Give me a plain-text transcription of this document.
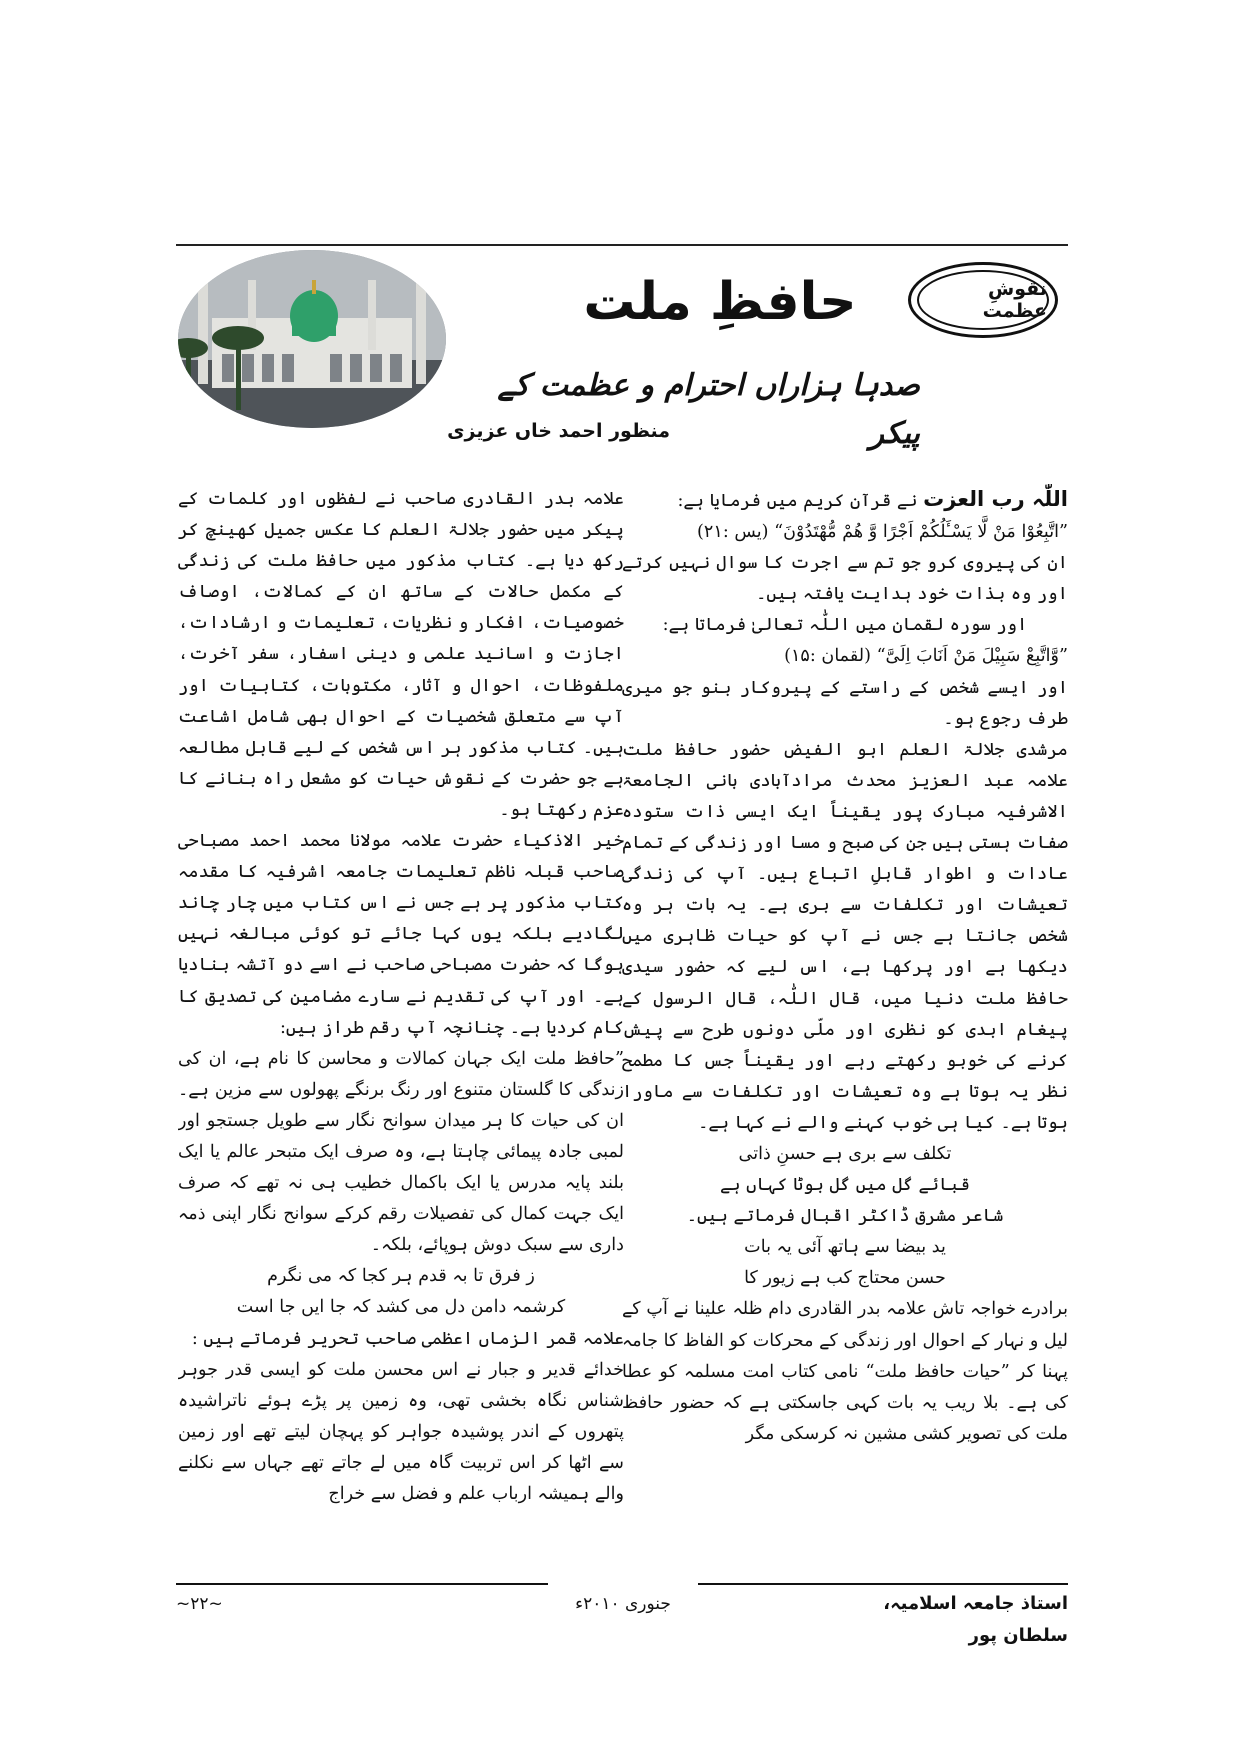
نقوشِ عظمت
حافظِ ملت
صدہا ہزاراں احترام و عظمت کے پیکر
منظور احمد خاں عزیزی

اللّٰہ رب العزت نے قرآن کریم میں فرمایا ہے:

”اتَّبِعُوْا مَنْ لَّا یَسْـَٔلُكُمْ اَجْرًا وَّ هُمْ مُّهْتَدُوْنَ“ (یس :۲۱)

ان کی پیروی کرو جو تم سے اجرت کا سوال نہیں کرتے اور وہ بذات خود ہدایت یافتہ ہیں۔

اور سورہ لقمان میں اللّٰہ تعالیٰ فرماتا ہے:

”وَّاتَّبِعْ سَبِیْلَ مَنْ اَنَابَ اِلَیَّ“ (لقمان :۱۵)

اور ایسے شخص کے راستے کے پیروکار بنو جو میری طرف رجوع ہو۔

مرشدی جلالۃ العلم ابو الفیض حضور حافظ ملت علامہ عبد العزیز محدث مرادآبادی بانی الجامعۃ الاشرفیہ مبارک پور یقیناً ایک ایسی ذات ستودہ صفات ہستی ہیں جن کی صبح و مسا اور زندگی کے تمام عادات و اطوار قابلِ اتباع ہیں۔ آپ کی زندگی تعیشات اور تکلفات سے بری ہے۔ یہ بات ہر وہ شخص جانتا ہے جس نے آپ کو حیات ظاہری میں دیکھا ہے اور پرکھا ہے، اس لیے کہ حضور سیدی حافظ ملت دنیا میں، قال اللّٰہ، قال الرسول کے پیغام ابدی کو نظری اور ملّی دونوں طرح سے پیش کرنے کی خوبو رکھتے رہے اور یقیناً جس کا مطمح نظر یہ ہوتا ہے وہ تعیشات اور تکلفات سے ماورا ہوتا ہے۔ کیا ہی خوب کہنے والے نے کہا ہے۔

تکلف سے بری ہے حسنِ ذاتی

قبائے گل میں گل بوٹا کہاں ہے

شاعر مشرق ڈاکٹر اقبال فرماتے ہیں۔

ید بیضا سے ہاتھ آئی یہ بات

حسن محتاج کب ہے زیور کا

برادرے خواجہ تاش علامہ بدر القادری دام ظلہ علینا نے آپ کے لیل و نہار کے احوال اور زندگی کے محرکات کو الفاظ کا جامہ پہنا کر ”حیات حافظ ملت“ نامی کتاب امت مسلمہ کو عطا کی ہے۔ بلا ریب یہ بات کہی جاسکتی ہے کہ حضور حافظ ملت کی تصویر کشی مشین نہ کرسکی مگر

علامہ بدر القادری صاحب نے لفظوں اور کلمات کے پیکر میں حضور جلالۃ العلم کا عکس جمیل کھینچ کر رکھ دیا ہے۔ کتاب مذکور میں حافظ ملت کی زندگی کے مکمل حالات کے ساتھ ان کے کمالات، اوصاف خصوصیات، افکار و نظریات، تعلیمات و ارشادات، اجازت و اسانید علمی و دینی اسفار، سفر آخرت، ملفوظات، احوال و آثار، مکتوبات، کتابیات اور آپ سے متعلق شخصیات کے احوال بھی شامل اشاعت ہیں۔ کتاب مذکور ہر اس شخص کے لیے قابل مطالعہ ہے جو حضرت کے نقوش حیات کو مشعل راہ بنانے کا عزم رکھتا ہو۔

خیر الاذکیاء حضرت علامہ مولانا محمد احمد مصباحی صاحب قبلہ ناظم تعلیمات جامعہ اشرفیہ کا مقدمہ کتاب مذکور پر ہے جس نے اس کتاب میں چار چاند لگادیے بلکہ یوں کہا جائے تو کوئی مبالغہ نہیں ہوگا کہ حضرت مصباحی صاحب نے اسے دو آتشہ بنادیا ہے۔ اور آپ کی تقدیم نے سارے مضامین کی تصدیق کا کام کردیا ہے۔ چنانچہ آپ رقم طراز ہیں:

”حافظ ملت ایک جہان کمالات و محاسن کا نام ہے، ان کی زندگی کا گلستان متنوع اور رنگ برنگے پھولوں سے مزین ہے۔ ان کی حیات کا ہر میدان سوانح نگار سے طویل جستجو اور لمبی جادہ پیمائی چاہتا ہے، وہ صرف ایک متبحر عالم یا ایک بلند پایہ مدرس یا ایک باکمال خطیب ہی نہ تھے کہ صرف ایک جہت کمال کی تفصیلات رقم کرکے سوانح نگار اپنی ذمہ داری سے سبک دوش ہوپائے، بلکہ۔

ز فرق تا بہ قدم ہر کجا کہ می نگرم

کرشمہ دامن دل می کشد کہ جا ایں جا است

علامہ قمر الزماں اعظمی صاحب تحریر فرماتے ہیں :

خدائے قدیر و جبار نے اس محسن ملت کو ایسی قدر جوہر شناس نگاہ بخشی تھی، وہ زمین پر پڑے ہوئے ناتراشیدہ پتھروں کے اندر پوشیدہ جواہر کو پہچان لیتے تھے اور زمین سے اٹھا کر اس تربیت گاہ میں لے جاتے تھے جہاں سے نکلنے والے ہمیشہ ارباب علم و فضل سے خراج

استاذ جامعہ اسلامیہ، سلطان پور
جنوری ۲۰۱۰ء
~۲۲~
